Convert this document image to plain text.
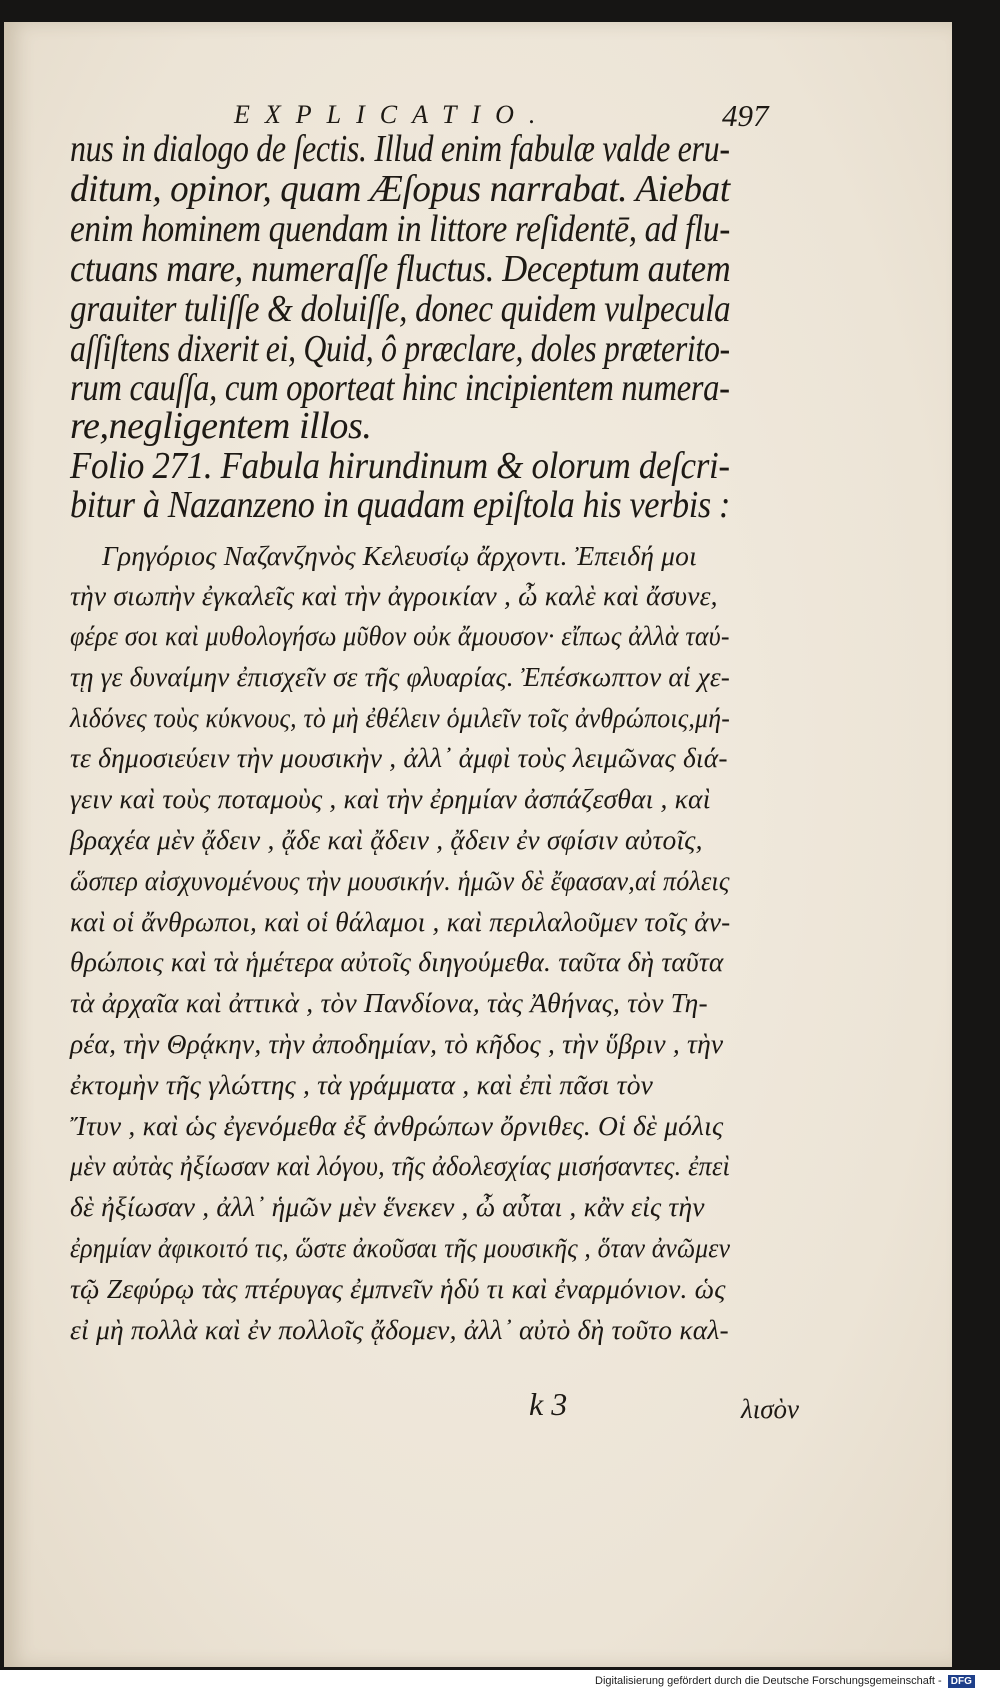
EXPLICATIO.	497
nus in dialogo de ſectis. Illud enim fabulæ valde eru-
ditum, opinor, quam Æſopus narrabat. Aiebat
enim hominem quendam in littore reſidentē, ad flu-
ctuans mare, numeraſſe fluctus. Deceptum autem
grauiter tuliſſe & doluiſſe, donec quidem vulpecula
aſſiſtens dixerit ei, Quid, ô præclare, doles præterito-
rum cauſſa, cum oporteat hinc incipientem numera-
re,negligentem illos.
Folio 271. Fabula hirundinum & olorum deſcri-
bitur à Nazanzeno in quadam epiſtola his verbis :
Γρηγόριος Ναζανζηνὸς Κελευσίῳ ἄρχοντι. Ἐπειδή μοι
τὴν σιωπὴν ἐγκαλεῖς καὶ τὴν ἀγροικίαν , ὦ καλὲ καὶ ἄσυνε,
φέρε σοι καὶ μυθολογήσω μῦθον οὐκ ἄμουσον· εἴπως ἀλλὰ ταύ-
τῃ γε δυναίμην ἐπισχεῖν σε τῆς φλυαρίας. Ἐπέσκωπτον αἱ χε-
λιδόνες τοὺς κύκνους, τὸ μὴ ἐθέλειν ὁμιλεῖν τοῖς ἀνθρώποις,μή-
τε δημοσιεύειν τὴν μουσικὴν , ἀλλ᾽ ἀμφὶ τοὺς λειμῶνας διά-
γειν καὶ τοὺς ποταμοὺς , καὶ τὴν ἐρημίαν ἀσπάζεσθαι , καὶ
βραχέα μὲν ᾄδειν , ᾄδε καὶ ᾄδειν , ᾄδειν ἐν σφίσιν αὐτοῖς,
ὥσπερ αἰσχυνομένους τὴν μουσικήν. ἡμῶν δὲ ἔφασαν,αἱ πόλεις
καὶ οἱ ἄνθρωποι, καὶ οἱ θάλαμοι , καὶ περιλαλοῦμεν τοῖς ἀν-
θρώποις καὶ τὰ ἡμέτερα αὐτοῖς διηγούμεθα. ταῦτα δὴ ταῦτα
τὰ ἀρχαῖα καὶ ἀττικὰ , τὸν Πανδίονα, τὰς Ἀθήνας, τὸν Τη-
ρέα, τὴν Θρᾴκην, τὴν ἀποδημίαν, τὸ κῆδος , τὴν ὕβριν , τὴν
ἐκτομὴν τῆς γλώττης , τὰ γράμματα , καὶ ἐπὶ πᾶσι τὸν
Ἴτυν , καὶ ὡς ἐγενόμεθα ἐξ ἀνθρώπων ὄρνιθες. Οἱ δὲ μόλις
μὲν αὐτὰς ἠξίωσαν καὶ λόγου, τῆς ἀδολεσχίας μισήσαντες. ἐπεὶ
δὲ ἠξίωσαν , ἀλλ᾽ ἡμῶν μὲν ἕνεκεν , ὦ αὗται , κἂν εἰς τὴν
ἐρημίαν ἀφικοιτό τις, ὥστε ἀκοῦσαι τῆς μουσικῆς , ὅταν ἀνῶμεν
τῷ Ζεφύρῳ τὰς πτέρυγας ἐμπνεῖν ἡδύ τι καὶ ἐναρμόνιον. ὡς
εἰ μὴ πολλὰ καὶ ἐν πολλοῖς ᾄδομεν, ἀλλ᾽ αὐτὸ δὴ τοῦτο καλ-
k 3	λισὸν
Digitalisierung gefördert durch die Deutsche Forschungsgemeinschaft - DFG
